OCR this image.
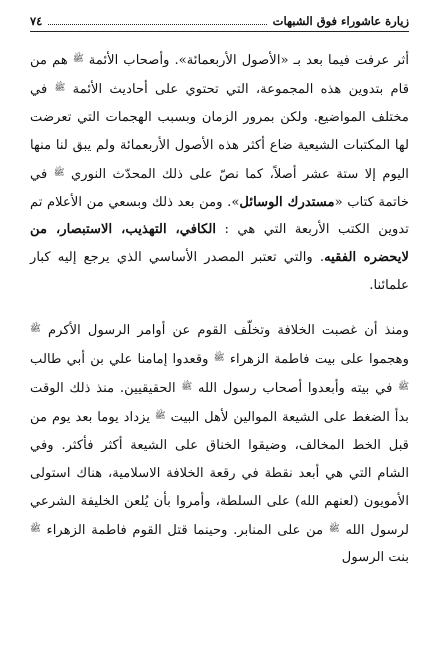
زيارة عاشوراء فوق الشبهات
٧٤

أثر عرفت فيما بعد بـ «الأصول الأربعمائة». وأصحاب الأئمة $^ﷺ$ هم من قام بتدوين هذه المجموعة، التي تحتوي على أحاديث الأئمة $^ﷺ$ في مختلف المواضيع. ولكن بمرور الزمان وبسبب الهجمات التي تعرضت لها المكتبات الشيعية ضاع أكثر هذه الأصول الأربعمائة ولم يبق لنا منها اليوم إلا ستة عشر أصلاً، كما نصّ على ذلك المحدّث النوري $^ﷺ$ في خاتمة كتاب «مستدرك الوسائل». ومن بعد ذلك وبسعي من الأعلام تم تدوين الكتب الأربعة التي هي : الكافي، التهذيب، الاستبصار، من لايحضره الفقيه. والتي تعتبر المصدر الأساسي الذي يرجع إليه كبار علمائنا.

ومنذ أن غصبت الخلافة وتخلّف القوم عن أوامر الرسول الأكرم $^ﷺ$ وهجموا على بيت فاطمة الزهراء $^ﷺ$ وقعدوا إمامنا علي بن أبي طالب $^ﷺ$ في بيته وأبعدوا أصحاب رسول الله $^ﷺ$ الحقيقيين. منذ ذلك الوقت بدأ الضغط على الشيعة الموالين لأهل البيت $^ﷺ$ يزداد يوما بعد يوم من قبل الخط المخالف، وضيقوا الخناق على الشيعة أكثر فأكثر. وفي الشام التي هي أبعد نقطة في رقعة الخلافة الاسلامية، هناك استولى الأمويون (لعنهم الله) على السلطة، وأمروا بأن يُلعن الخليفة الشرعي لرسول الله $^ﷺ$ من على المنابر. وحينما قتل القوم فاطمة الزهراء $^ﷺ$ بنت الرسول
